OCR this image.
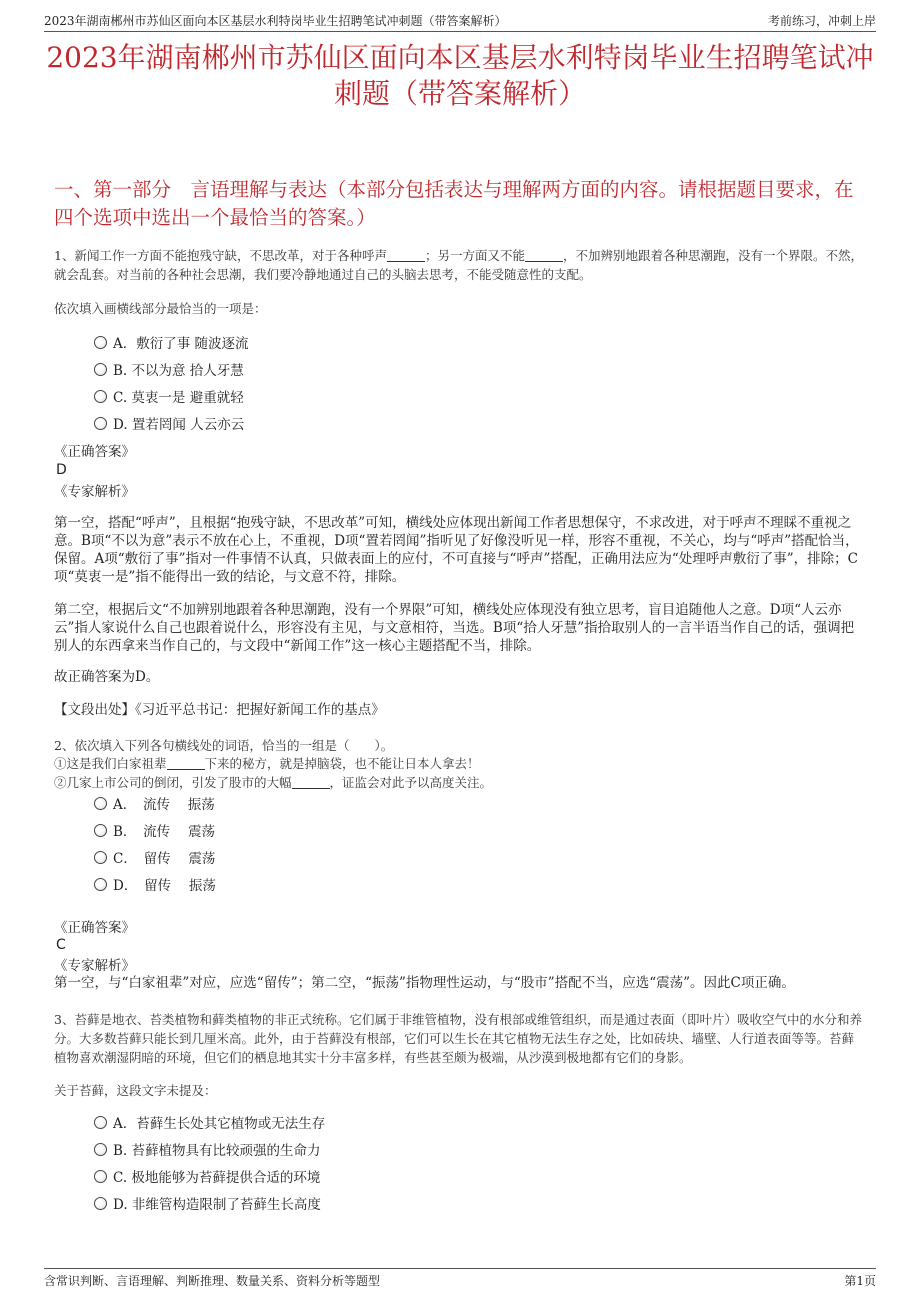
2023年湖南郴州市苏仙区面向本区基层水利特岗毕业生招聘笔试冲刺题（带答案解析）	考前练习，冲刺上岸
2023年湖南郴州市苏仙区面向本区基层水利特岗毕业生招聘笔试冲刺题（带答案解析）
一、第一部分　言语理解与表达（本部分包括表达与理解两方面的内容。请根据题目要求，在四个选项中选出一个最恰当的答案。）
1、新闻工作一方面不能抱残守缺，不思改革，对于各种呼声	；另一方面又不能	，不加辨别地跟着各种思潮跑，没有一个界限。不然，就会乱套。对当前的各种社会思潮，我们要冷静地通过自己的头脑去思考，不能受随意性的支配。
依次填入画横线部分最恰当的一项是：
A．敷衍了事 随波逐流
B. 不以为意 拾人牙慧
C. 莫衷一是 避重就轻
D. 置若罔闻 人云亦云
《正确答案》
D
《专家解析》
第一空，搭配“呼声”，且根据“抱残守缺，不思改革”可知，横线处应体现出新闻工作者思想保守，不求改进，对于呼声不理睬不重视之意。B项“不以为意”表示不放在心上，不重视，D项“置若罔闻”指听见了好像没听见一样，形容不重视，不关心，均与“呼声”搭配恰当，保留。A项“敷衍了事”指对一件事情不认真，只做表面上的应付，不可直接与“呼声”搭配，正确用法应为“处理呼声敷衍了事”，排除；C项“莫衷一是”指不能得出一致的结论，与文意不符，排除。
第二空，根据后文“不加辨别地跟着各种思潮跑，没有一个界限”可知，横线处应体现没有独立思考，盲目追随他人之意。D项“人云亦云”指人家说什么自己也跟着说什么，形容没有主见，与文意相符，当选。B项“拾人牙慧”指拾取别人的一言半语当作自己的话，强调把别人的东西拿来当作自己的，与文段中“新闻工作”这一核心主题搭配不当，排除。
故正确答案为D。
【文段出处】《习近平总书记：把握好新闻工作的基点》
2、依次填入下列各句横线处的词语，恰当的一组是（　　）。
①这是我们白家祖辈	下来的秘方，就是掉脑袋，也不能让日本人拿去！
②几家上市公司的倒闭，引发了股市的大幅	，证监会对此予以高度关注。
A．　流传　 振荡
B．　流传　 震荡
C．　留传　 震荡
D．　留传　 振荡
《正确答案》
C
《专家解析》
第一空，与“白家祖辈”对应，应选“留传”；第二空，“振荡”指物理性运动，与“股市”搭配不当，应选“震荡”。因此C项正确。
3、苔藓是地衣、苔类植物和藓类植物的非正式统称。它们属于非维管植物，没有根部或维管组织，而是通过表面（即叶片）吸收空气中的水分和养分。大多数苔藓只能长到几厘米高。此外，由于苔藓没有根部，它们可以生长在其它植物无法生存之处，比如砖块、墙壁、人行道表面等等。苔藓植物喜欢潮湿阴暗的环境，但它们的栖息地其实十分丰富多样，有些甚至颇为极端，从沙漠到极地都有它们的身影。
关于苔藓，这段文字未提及：
A．苔藓生长处其它植物或无法生存
B. 苔藓植物具有比较顽强的生命力
C. 极地能够为苔藓提供合适的环境
D. 非维管构造限制了苔藓生长高度
含常识判断、言语理解、判断推理、数量关系、资料分析等题型	第1页
